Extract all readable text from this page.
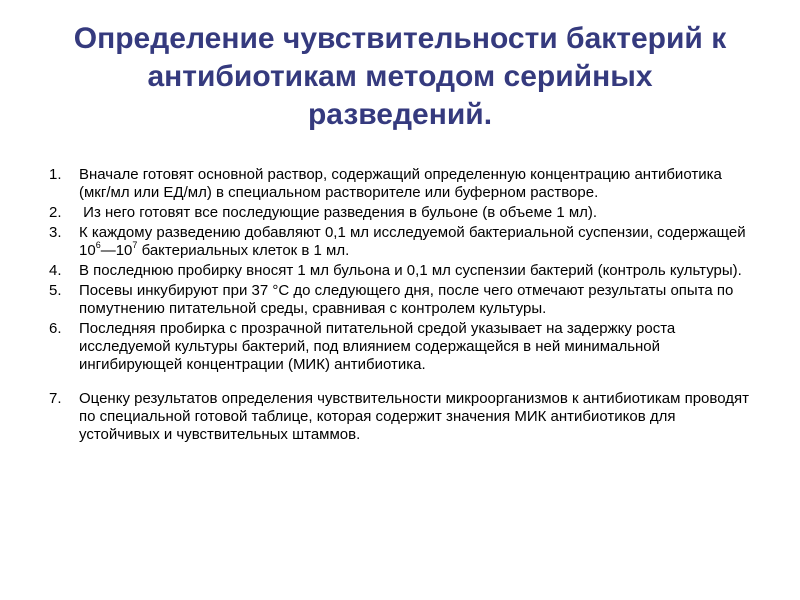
Определение чувствительности бактерий к
антибиотикам методом серийных
разведений.
1. Вначале готовят основной раствор, содержащий определенную концентрацию антибиотика (мкг/мл или ЕД/мл) в специальном растворителе или буферном растворе.
2. Из него готовят все последующие разведения в бульоне (в объеме 1 мл).
3. К каждому разведению добавляют 0,1 мл исследуемой бактериальной суспензии, содержащей $10^6—10^7$ бактериальных клеток в 1 мл.
4. В последнюю пробирку вносят 1 мл бульона и 0,1 мл суспензии бактерий (контроль культуры).
5. Посевы инкубируют при 37 °С до следующего дня, после чего отмечают результаты опыта по помутнению питательной среды, сравнивая с контролем культуры.
6. Последняя пробирка с прозрачной питательной средой указывает на задержку роста исследуемой культуры бактерий, под влиянием содержащейся в ней минимальной ингибирующей концентрации (МИК) антибиотика.
7. Оценку результатов определения чувствительности микроорганизмов к антибиотикам проводят по специальной готовой таблице, которая содержит значения МИК антибиотиков для устойчивых и чувствительных штаммов.
